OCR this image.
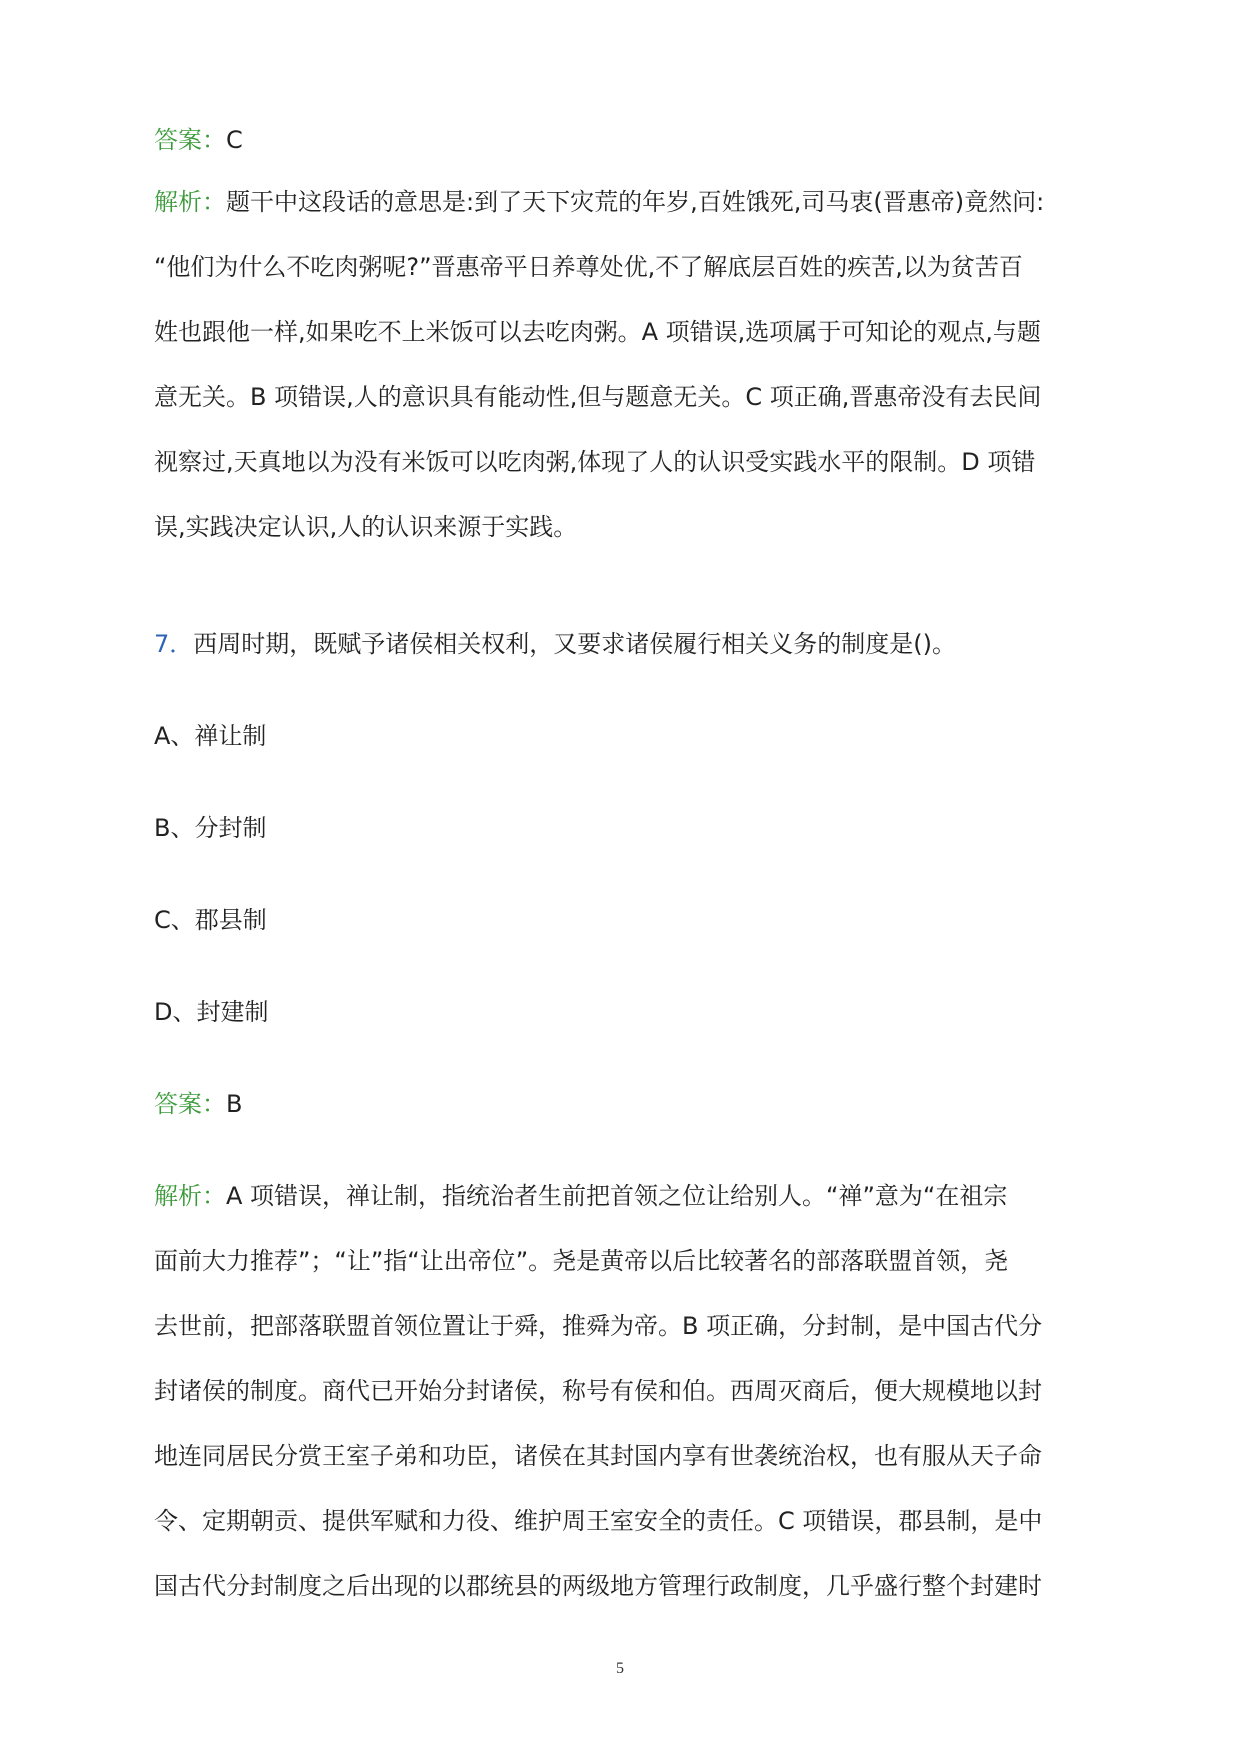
答案：C
解析：题干中这段话的意思是:到了天下灾荒的年岁,百姓饿死,司马衷(晋惠帝)竟然问:
“他们为什么不吃肉粥呢?”晋惠帝平日养尊处优,不了解底层百姓的疾苦,以为贫苦百
姓也跟他一样,如果吃不上米饭可以去吃肉粥。A 项错误,选项属于可知论的观点,与题
意无关。B 项错误,人的意识具有能动性,但与题意无关。C 项正确,晋惠帝没有去民间
视察过,天真地以为没有米饭可以吃肉粥,体现了人的认识受实践水平的限制。D 项错
误,实践决定认识,人的认识来源于实践。
7．西周时期，既赋予诸侯相关权利，又要求诸侯履行相关义务的制度是()。
A、禅让制
B、分封制
C、郡县制
D、封建制
答案：B
解析：A 项错误，禅让制，指统治者生前把首领之位让给别人。“禅”意为“在祖宗
面前大力推荐”；“让”指“让出帝位”。尧是黄帝以后比较著名的部落联盟首领，尧
去世前，把部落联盟首领位置让于舜，推舜为帝。B 项正确，分封制，是中国古代分
封诸侯的制度。商代已开始分封诸侯，称号有侯和伯。西周灭商后，便大规模地以封
地连同居民分赏王室子弟和功臣，诸侯在其封国内享有世袭统治权，也有服从天子命
令、定期朝贡、提供军赋和力役、维护周王室安全的责任。C 项错误，郡县制，是中
国古代分封制度之后出现的以郡统县的两级地方管理行政制度，几乎盛行整个封建时
5
